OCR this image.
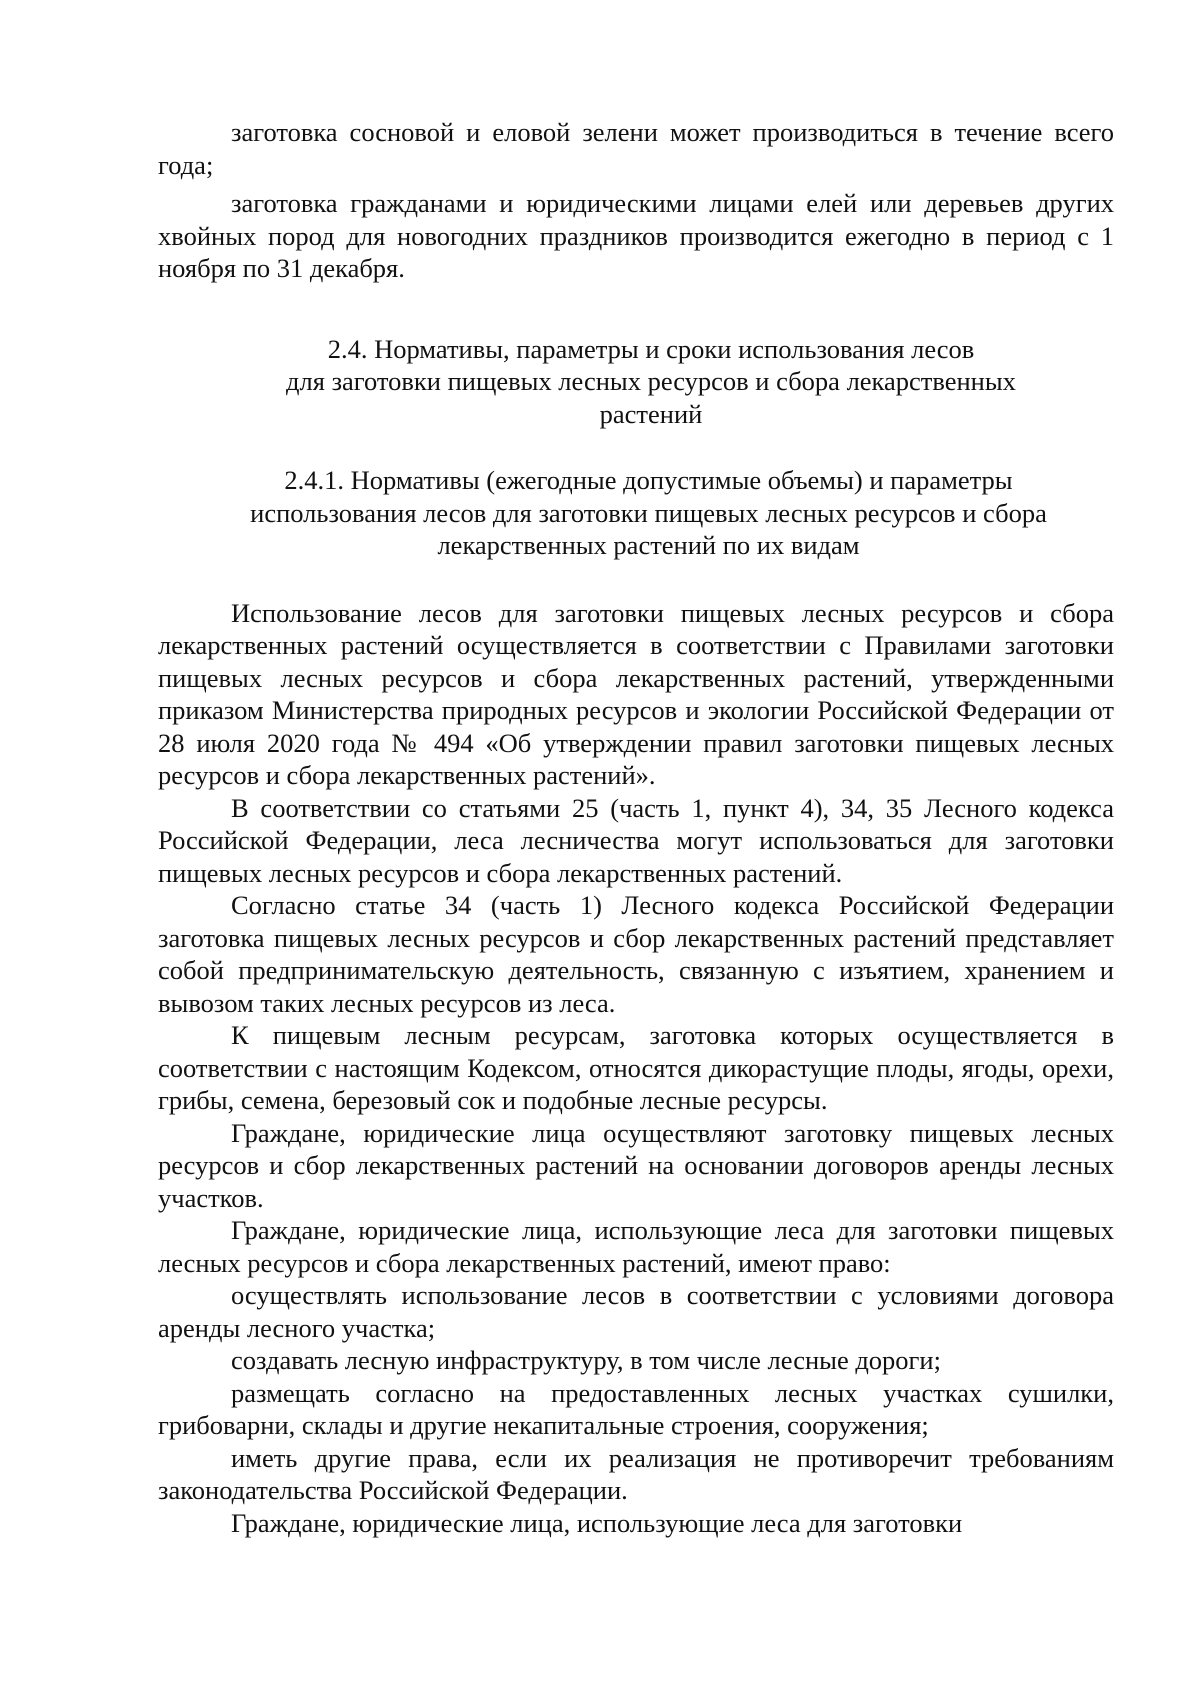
заготовка сосновой и еловой зелени может производиться в течение всего года;

заготовка гражданами и юридическими лицами елей или деревьев других хвойных пород для новогодних праздников производится ежегодно в период с 1 ноября по 31 декабря.

2.4. Нормативы, параметры и сроки использования лесов
для заготовки пищевых лесных ресурсов и сбора лекарственных
растений
2.4.1. Нормативы (ежегодные допустимые объемы) и параметры
использования лесов для заготовки пищевых лесных ресурсов и сбора
лекарственных растений по их видам

Использование лесов для заготовки пищевых лесных ресурсов и сбора лекарственных растений осуществляется в соответствии с Правилами заготовки пищевых лесных ресурсов и сбора лекарственных растений, утвержденными приказом Министерства природных ресурсов и экологии Российской Федерации от 28 июля 2020 года № 494 «Об утверждении правил заготовки пищевых лесных ресурсов и сбора лекарственных растений».

В соответствии со статьями 25 (часть 1, пункт 4), 34, 35 Лесного кодекса Российской Федерации, леса лесничества могут использоваться для заготовки пищевых лесных ресурсов и сбора лекарственных растений.

Согласно статье 34 (часть 1) Лесного кодекса Российской Федерации заготовка пищевых лесных ресурсов и сбор лекарственных растений представляет собой предпринимательскую деятельность, связанную с изъятием, хранением и вывозом таких лесных ресурсов из леса.

К пищевым лесным ресурсам, заготовка которых осуществляется в соответствии с настоящим Кодексом, относятся дикорастущие плоды, ягоды, орехи, грибы, семена, березовый сок и подобные лесные ресурсы.

Граждане, юридические лица осуществляют заготовку пищевых лесных ресурсов и сбор лекарственных растений на основании договоров аренды лесных участков.

Граждане, юридические лица, использующие леса для заготовки пищевых лесных ресурсов и сбора лекарственных растений, имеют право:

осуществлять использование лесов в соответствии с условиями договора аренды лесного участка;

создавать лесную инфраструктуру, в том числе лесные дороги;

размещать согласно на предоставленных лесных участках сушилки, грибоварни, склады и другие некапитальные строения, сооружения;

иметь другие права, если их реализация не противоречит требованиям законодательства Российской Федерации.

Граждане, юридические лица, использующие леса для заготовки
